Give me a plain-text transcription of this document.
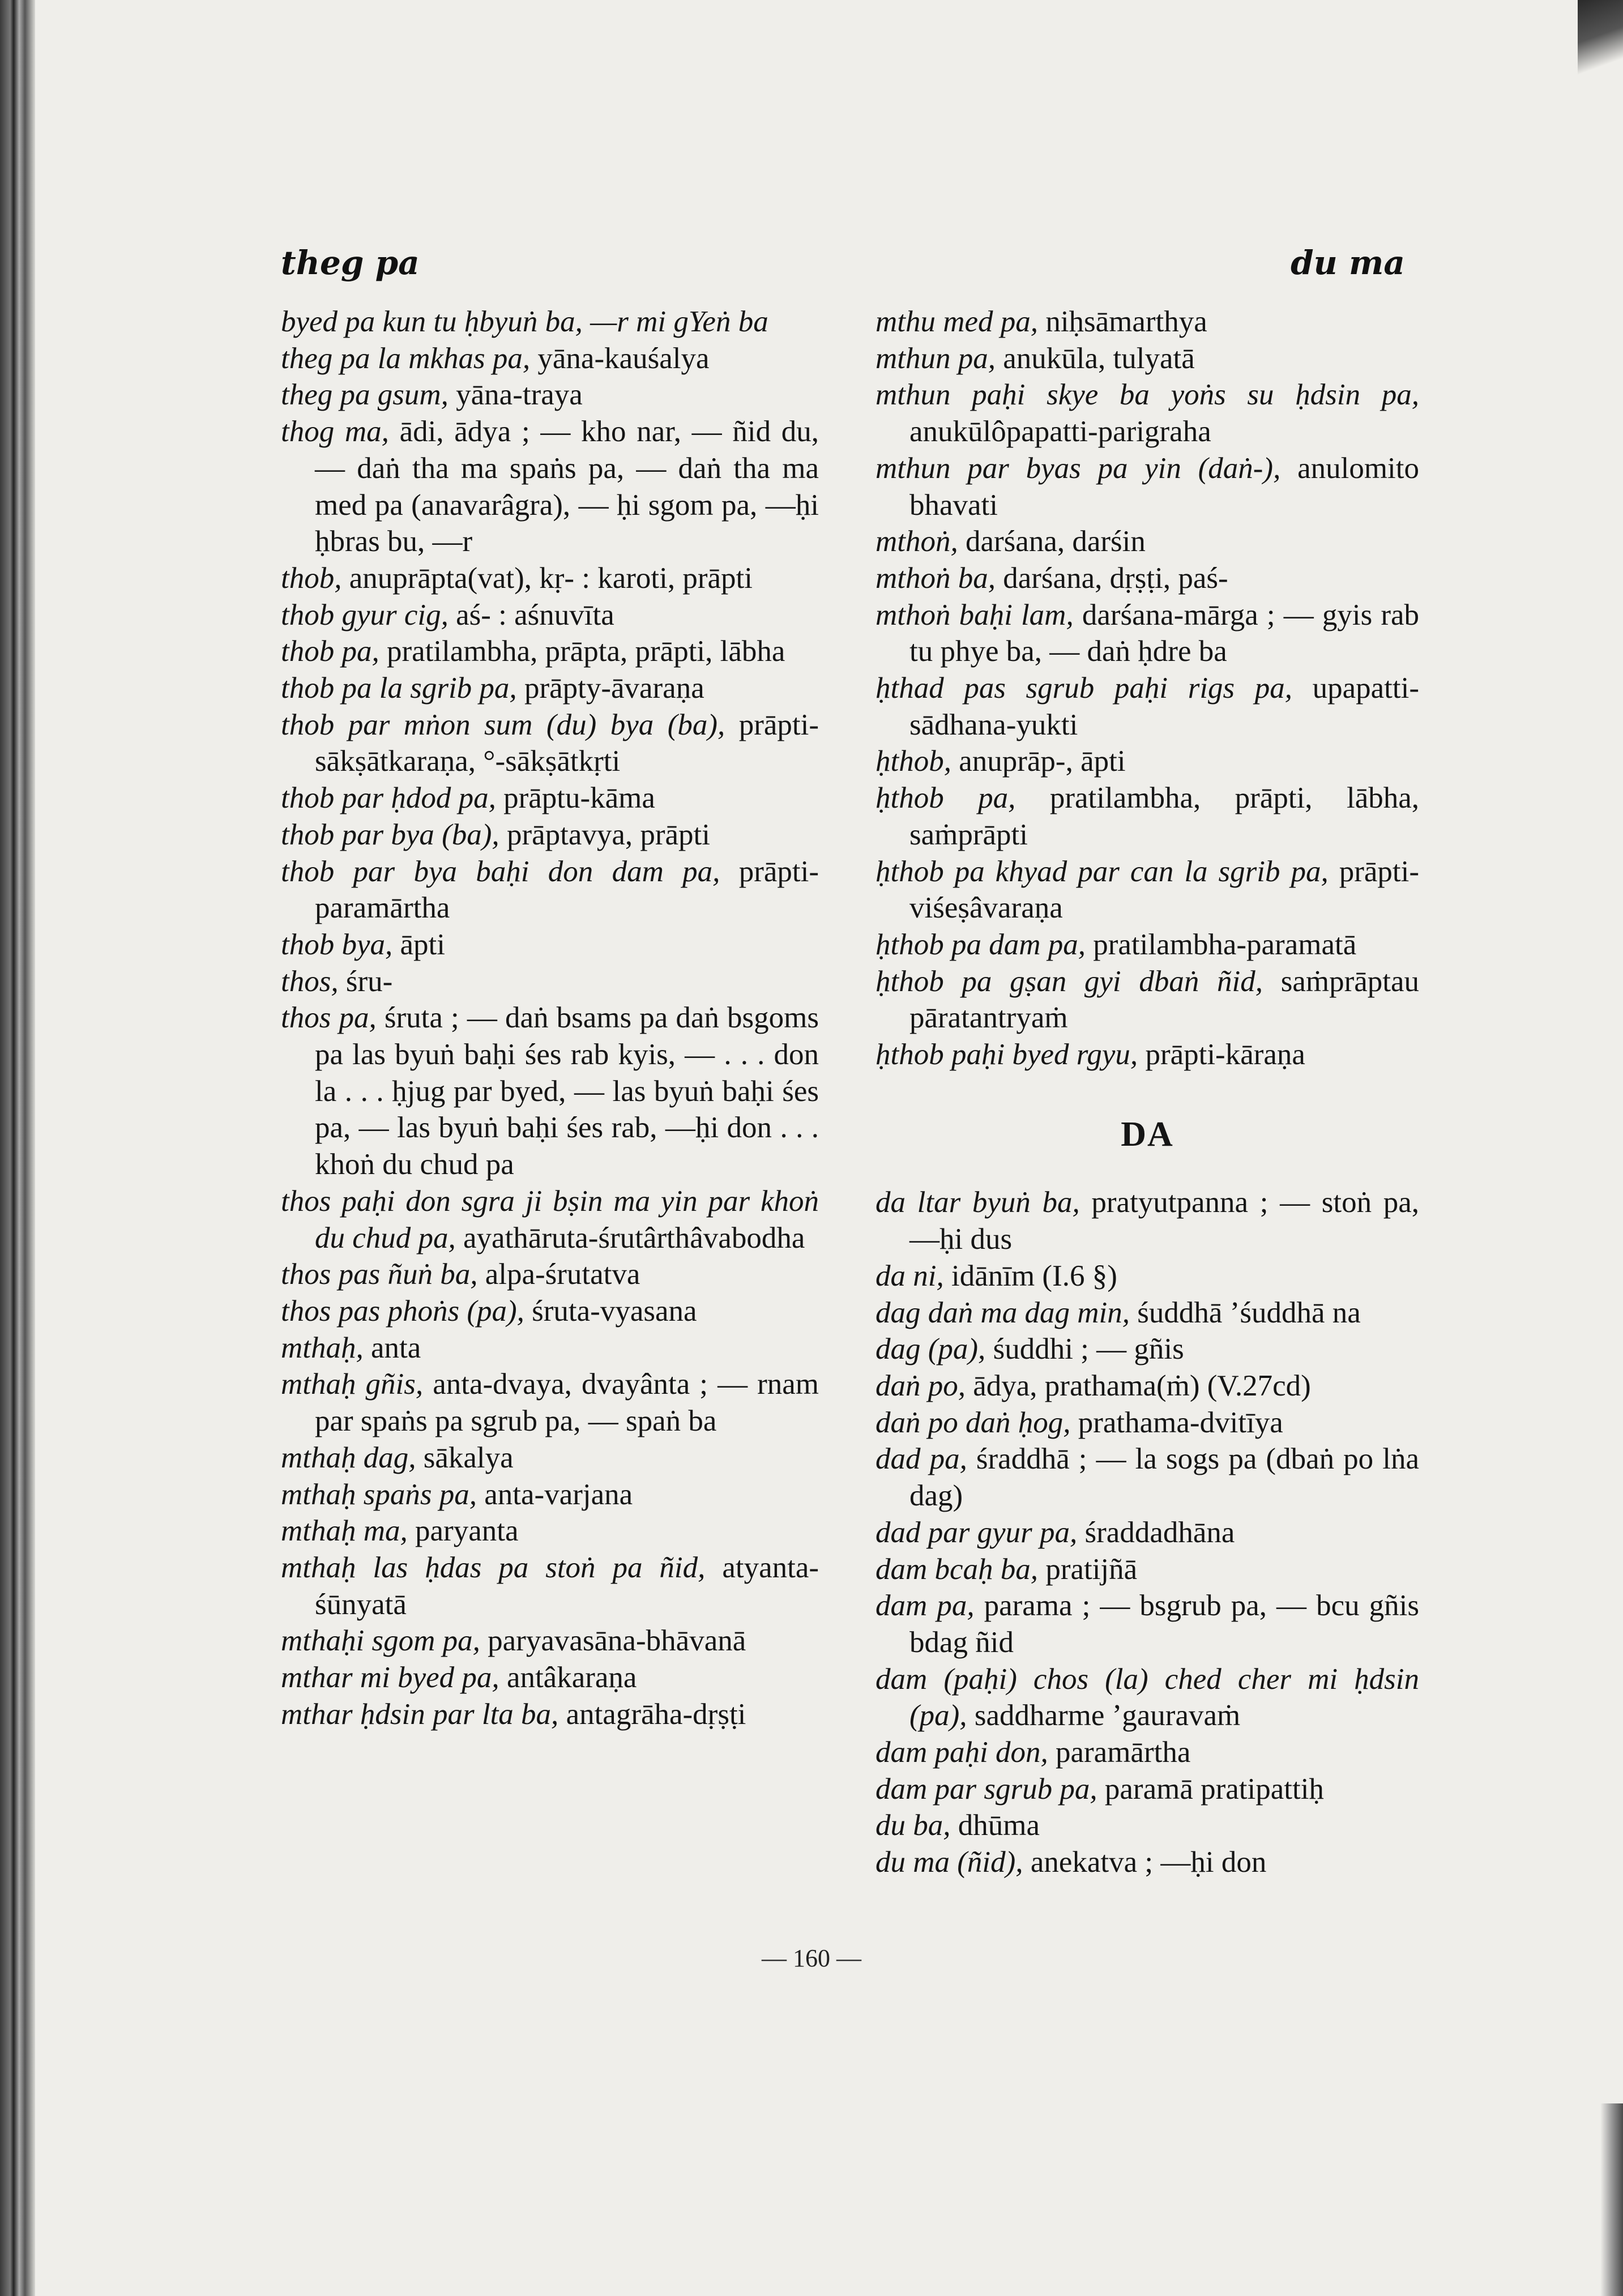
theg pa	du ma
byed pa kun tu ḥbyuṅ ba, —r mi gYeṅ ba
theg pa la mkhas pa, yāna-kauśalya
theg pa gsum, yāna-traya
thog ma, ādi, ādya ; — kho nar, — ñid du, — daṅ tha ma spaṅs pa, — daṅ tha ma med pa (anavarâgra), — ḥi sgom pa, —ḥi ḥbras bu, —r
thob, anuprāpta(vat), kṛ- : karoti, prāpti
thob gyur cig, aś- : aśnuvīta
thob pa, pratilambha, prāpta, prāpti, lābha
thob pa la sgrib pa, prāpty-āvaraṇa
thob par mṅon sum (du) bya (ba), prāpti-sākṣātkaraṇa, °-sākṣātkṛti
thob par ḥdod pa, prāptu-kāma
thob par bya (ba), prāptavya, prāpti
thob par bya baḥi don dam pa, prāpti-paramārtha
thob bya, āpti
thos, śru-
thos pa, śruta ; — daṅ bsams pa daṅ bsgoms pa las byuṅ baḥi śes rab kyis, — . . . don la . . . ḥjug par byed, — las byuṅ baḥi śes pa, — las byuṅ baḥi śes rab, —ḥi don . . . khoṅ du chud pa
thos paḥi don sgra ji bṣin ma yin par khoṅ du chud pa, ayathāruta-śrutârthâvabodha
thos pas ñuṅ ba, alpa-śrutatva
thos pas phoṅs (pa), śruta-vyasana
mthaḥ, anta
mthaḥ gñis, anta-dvaya, dvayânta ; — rnam par spaṅs pa sgrub pa, — spaṅ ba
mthaḥ dag, sākalya
mthaḥ spaṅs pa, anta-varjana
mthaḥ ma, paryanta
mthaḥ las ḥdas pa stoṅ pa ñid, atyanta-śūnyatā
mthaḥi sgom pa, paryavasāna-bhāvanā
mthar mi byed pa, antâkaraṇa
mthar ḥdsin par lta ba, antagrāha-dṛṣṭi
mthu med pa, niḥsāmarthya
mthun pa, anukūla, tulyatā
mthun paḥi skye ba yoṅs su ḥdsin pa, anukūlôpapatti-parigraha
mthun par byas pa yin (daṅ-), anulomito bhavati
mthoṅ, darśana, darśin
mthoṅ ba, darśana, dṛṣṭi, paś-
mthoṅ baḥi lam, darśana-mārga ; — gyis rab tu phye ba, — daṅ ḥdre ba
ḥthad pas sgrub paḥi rigs pa, upapatti-sādhana-yukti
ḥthob, anuprāp-, āpti
ḥthob pa, pratilambha, prāpti, lābha, saṁprāpti
ḥthob pa khyad par can la sgrib pa, prāpti-viśeṣâvaraṇa
ḥthob pa dam pa, pratilambha-paramatā
ḥthob pa gṣan gyi dbaṅ ñid, saṁprāptau pāratantryaṁ
ḥthob paḥi byed rgyu, prāpti-kāraṇa
DA
da ltar byuṅ ba, pratyutpanna ; — stoṅ pa, —ḥi dus
da ni, idānīm (I.6 §)
dag daṅ ma dag min, śuddhā ’śuddhā na
dag (pa), śuddhi ; — gñis
daṅ po, ādya, prathama(ṁ) (V.27cd)
daṅ po daṅ ḥog, prathama-dvitīya
dad pa, śraddhā ; — la sogs pa (dbaṅ po lṅa dag)
dad par gyur pa, śraddadhāna
dam bcaḥ ba, pratijñā
dam pa, parama ; — bsgrub pa, — bcu gñis bdag ñid
dam (paḥi) chos (la) ched cher mi ḥdsin (pa), saddharme ’gauravaṁ
dam paḥi don, paramārtha
dam par sgrub pa, paramā pratipattiḥ
du ba, dhūma
du ma (ñid), anekatva ; —ḥi don
— 160 —
